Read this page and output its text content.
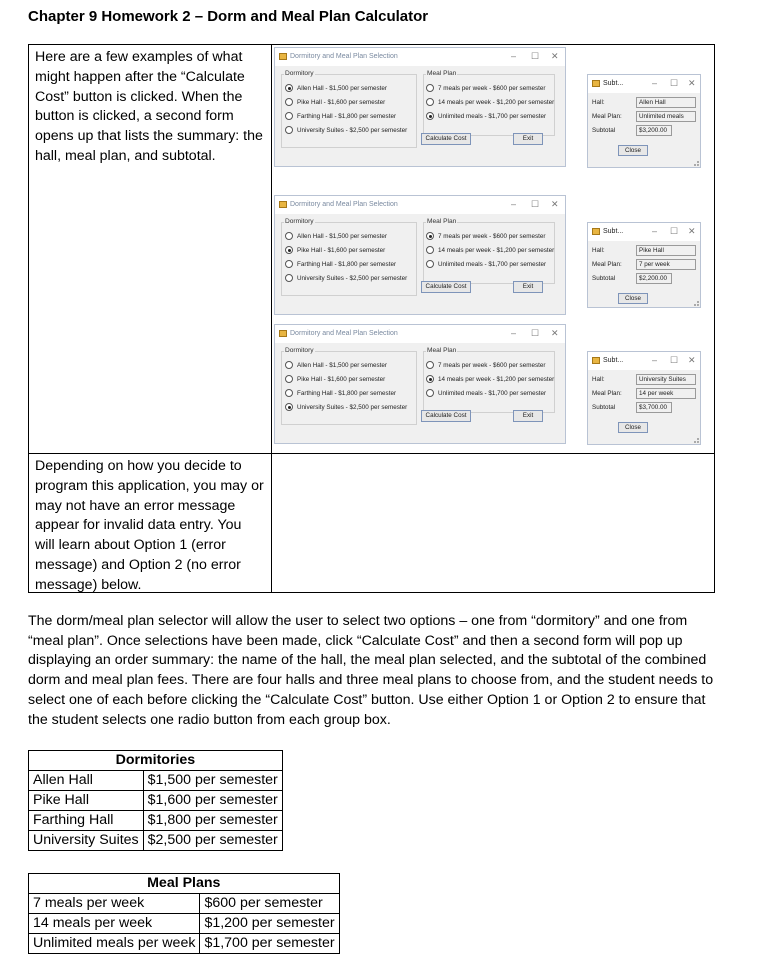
Chapter 9 Homework 2 – Dorm and Meal Plan Calculator
Here are a few examples of what might happen after the “Calculate Cost” button is clicked. When the button is clicked, a second form opens up that lists the summary: the hall, meal plan, and subtotal.
Dormitory and Meal Plan Selection	– ☐ ✕
Dormitory
Allen Hall - $1,500 per semester
Pike Hall - $1,600 per semester
Farthing Hall - $1,800 per semester
University Suites - $2,500 per semester
Meal Plan
7 meals per week - $600 per semester
14 meals per week - $1,200 per semester
Unlimited meals - $1,700 per semester
Calculate Cost	Exit
Subt...	– ☐ ✕
Hall:	Allen Hall
Meal Plan:	Unlimited meals
Subtotal	$3,200.00
Close
Dormitory and Meal Plan Selection	– ☐ ✕
Dormitory
Allen Hall - $1,500 per semester
Pike Hall - $1,600 per semester
Farthing Hall - $1,800 per semester
University Suites - $2,500 per semester
Meal Plan
7 meals per week - $600 per semester
14 meals per week - $1,200 per semester
Unlimited meals - $1,700 per semester
Calculate Cost	Exit
Subt...	– ☐ ✕
Hall:	Pike Hall
Meal Plan:	7 per week
Subtotal	$2,200.00
Close
Dormitory and Meal Plan Selection	– ☐ ✕
Dormitory
Allen Hall - $1,500 per semester
Pike Hall - $1,600 per semester
Farthing Hall - $1,800 per semester
University Suites - $2,500 per semester
Meal Plan
7 meals per week - $600 per semester
14 meals per week - $1,200 per semester
Unlimited meals - $1,700 per semester
Calculate Cost	Exit
Subt...	– ☐ ✕
Hall:	University Suites
Meal Plan:	14 per week
Subtotal	$3,700.00
Close
Depending on how you decide to program this application, you may or may not have an error message appear for invalid data entry. You will learn about Option 1 (error message) and Option 2 (no error message) below.
The dorm/meal plan selector will allow the user to select two options – one from “dormitory” and one from “meal plan”. Once selections have been made, click “Calculate Cost” and then a second form will pop up displaying an order summary: the name of the hall, the meal plan selected, and the subtotal of the combined dorm and meal plan fees. There are four halls and three meal plans to choose from, and the student needs to select one of each before clicking the “Calculate Cost” button. Use either Option 1 or Option 2 to ensure that the student selects one radio button from each group box.
Dormitories	
Allen Hall	$1,500 per semester
Pike Hall	$1,600 per semester
Farthing Hall	$1,800 per semester
University Suites	$2,500 per semester
Meal Plans	
7 meals per week	$600 per semester
14 meals per week	$1,200 per semester
Unlimited meals per week	$1,700 per semester
